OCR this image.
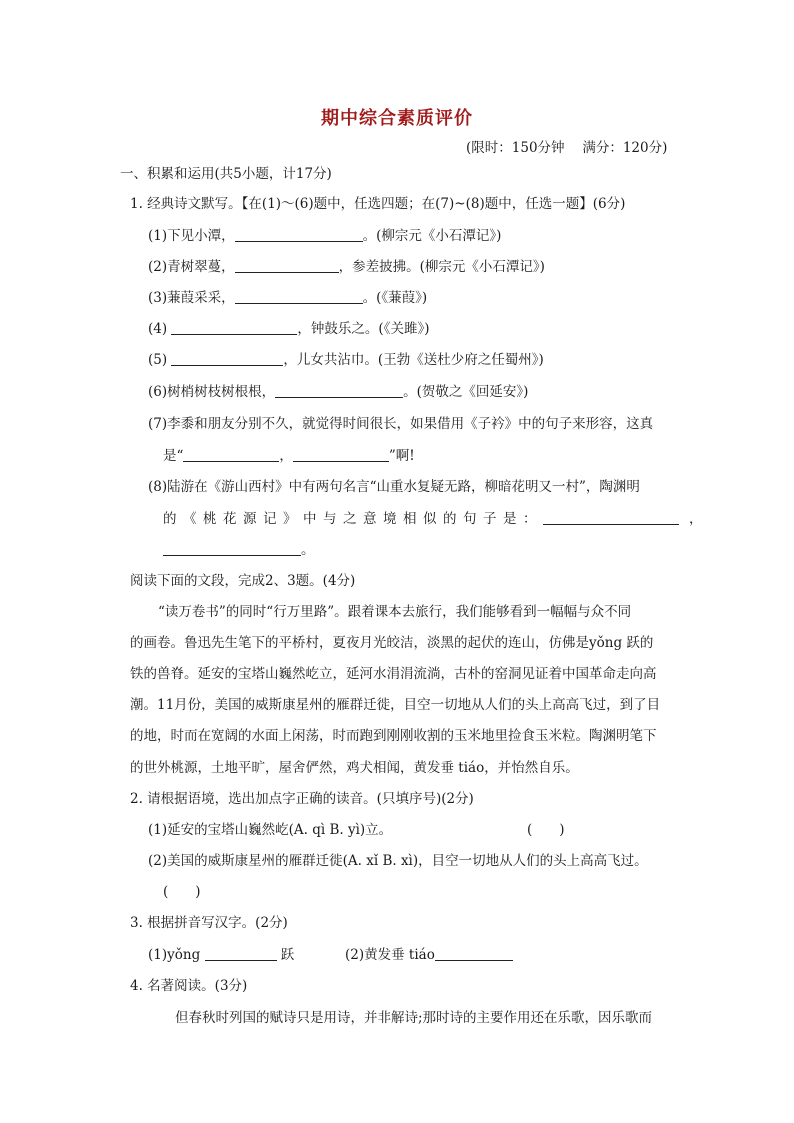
期中综合素质评价
(限时：150分钟　 满分：120分)
一、积累和运用(共5小题，计17分)
1. 经典诗文默写。【在(1)～(6)题中，任选四题；在(7)~(8)题中，任选一题】(6分)
(1)下见小潭，	。(柳宗元《小石潭记》)
(2)青树翠蔓，	，参差披拂。(柳宗元《小石潭记》)
(3)蒹葭采采，	。(《蒹葭》)
(4)	，钟鼓乐之。(《关雎》)
(5)	，儿女共沾巾。(王勃《送杜少府之任蜀州》)
(6)树梢树枝树根根，	。(贺敬之《回延安》)
(7)李黍和朋友分别不久，就觉得时间很长，如果借用《子衿》中的句子来形容，这真
是“	，	”啊!
(8)陆游在《游山西村》中有两句名言“山重水复疑无路，柳暗花明又一村”，陶渊明
的《桃花源记》中与之意境相似的句子是：	，
。
阅读下面的文段，完成2、3题。(4分)
“读万卷书”的同时“行万里路”。跟着课本去旅行，我们能够看到一幅幅与众不同
的画卷。鲁迅先生笔下的平桥村，夏夜月光皎洁，淡黑的起伏的连山，仿佛是yǒng 跃的
铁的兽脊。延安的宝塔山巍然屹立，延河水涓涓流淌，古朴的窑洞见证着中国革命走向高
潮。11月份，美国的威斯康星州的雁群迁徙，目空一切地从人们的头上高高飞过，到了目
的地，时而在宽阔的水面上闲荡，时而跑到刚刚收割的玉米地里捡食玉米粒。陶渊明笔下
的世外桃源，土地平旷，屋舍俨然，鸡犬相闻，黄发垂 tiáo，并怡然自乐。
2. 请根据语境，选出加点字正确的读音。(只填序号)(2分)
(1)延安的宝塔山巍然屹(A. qì B. yì)立。	(　　)
(2)美国的威斯康星州的雁群迁徙(A. xǐ B. xì)，目空一切地从人们的头上高高飞过。
(　　)
3. 根据拼音写汉字。(2分)
(1)yǒng	跃	(2)黄发垂 tiáo
4. 名著阅读。(3分)
但春秋时列国的赋诗只是用诗，并非解诗;那时诗的主要作用还在乐歌，因乐歌而
